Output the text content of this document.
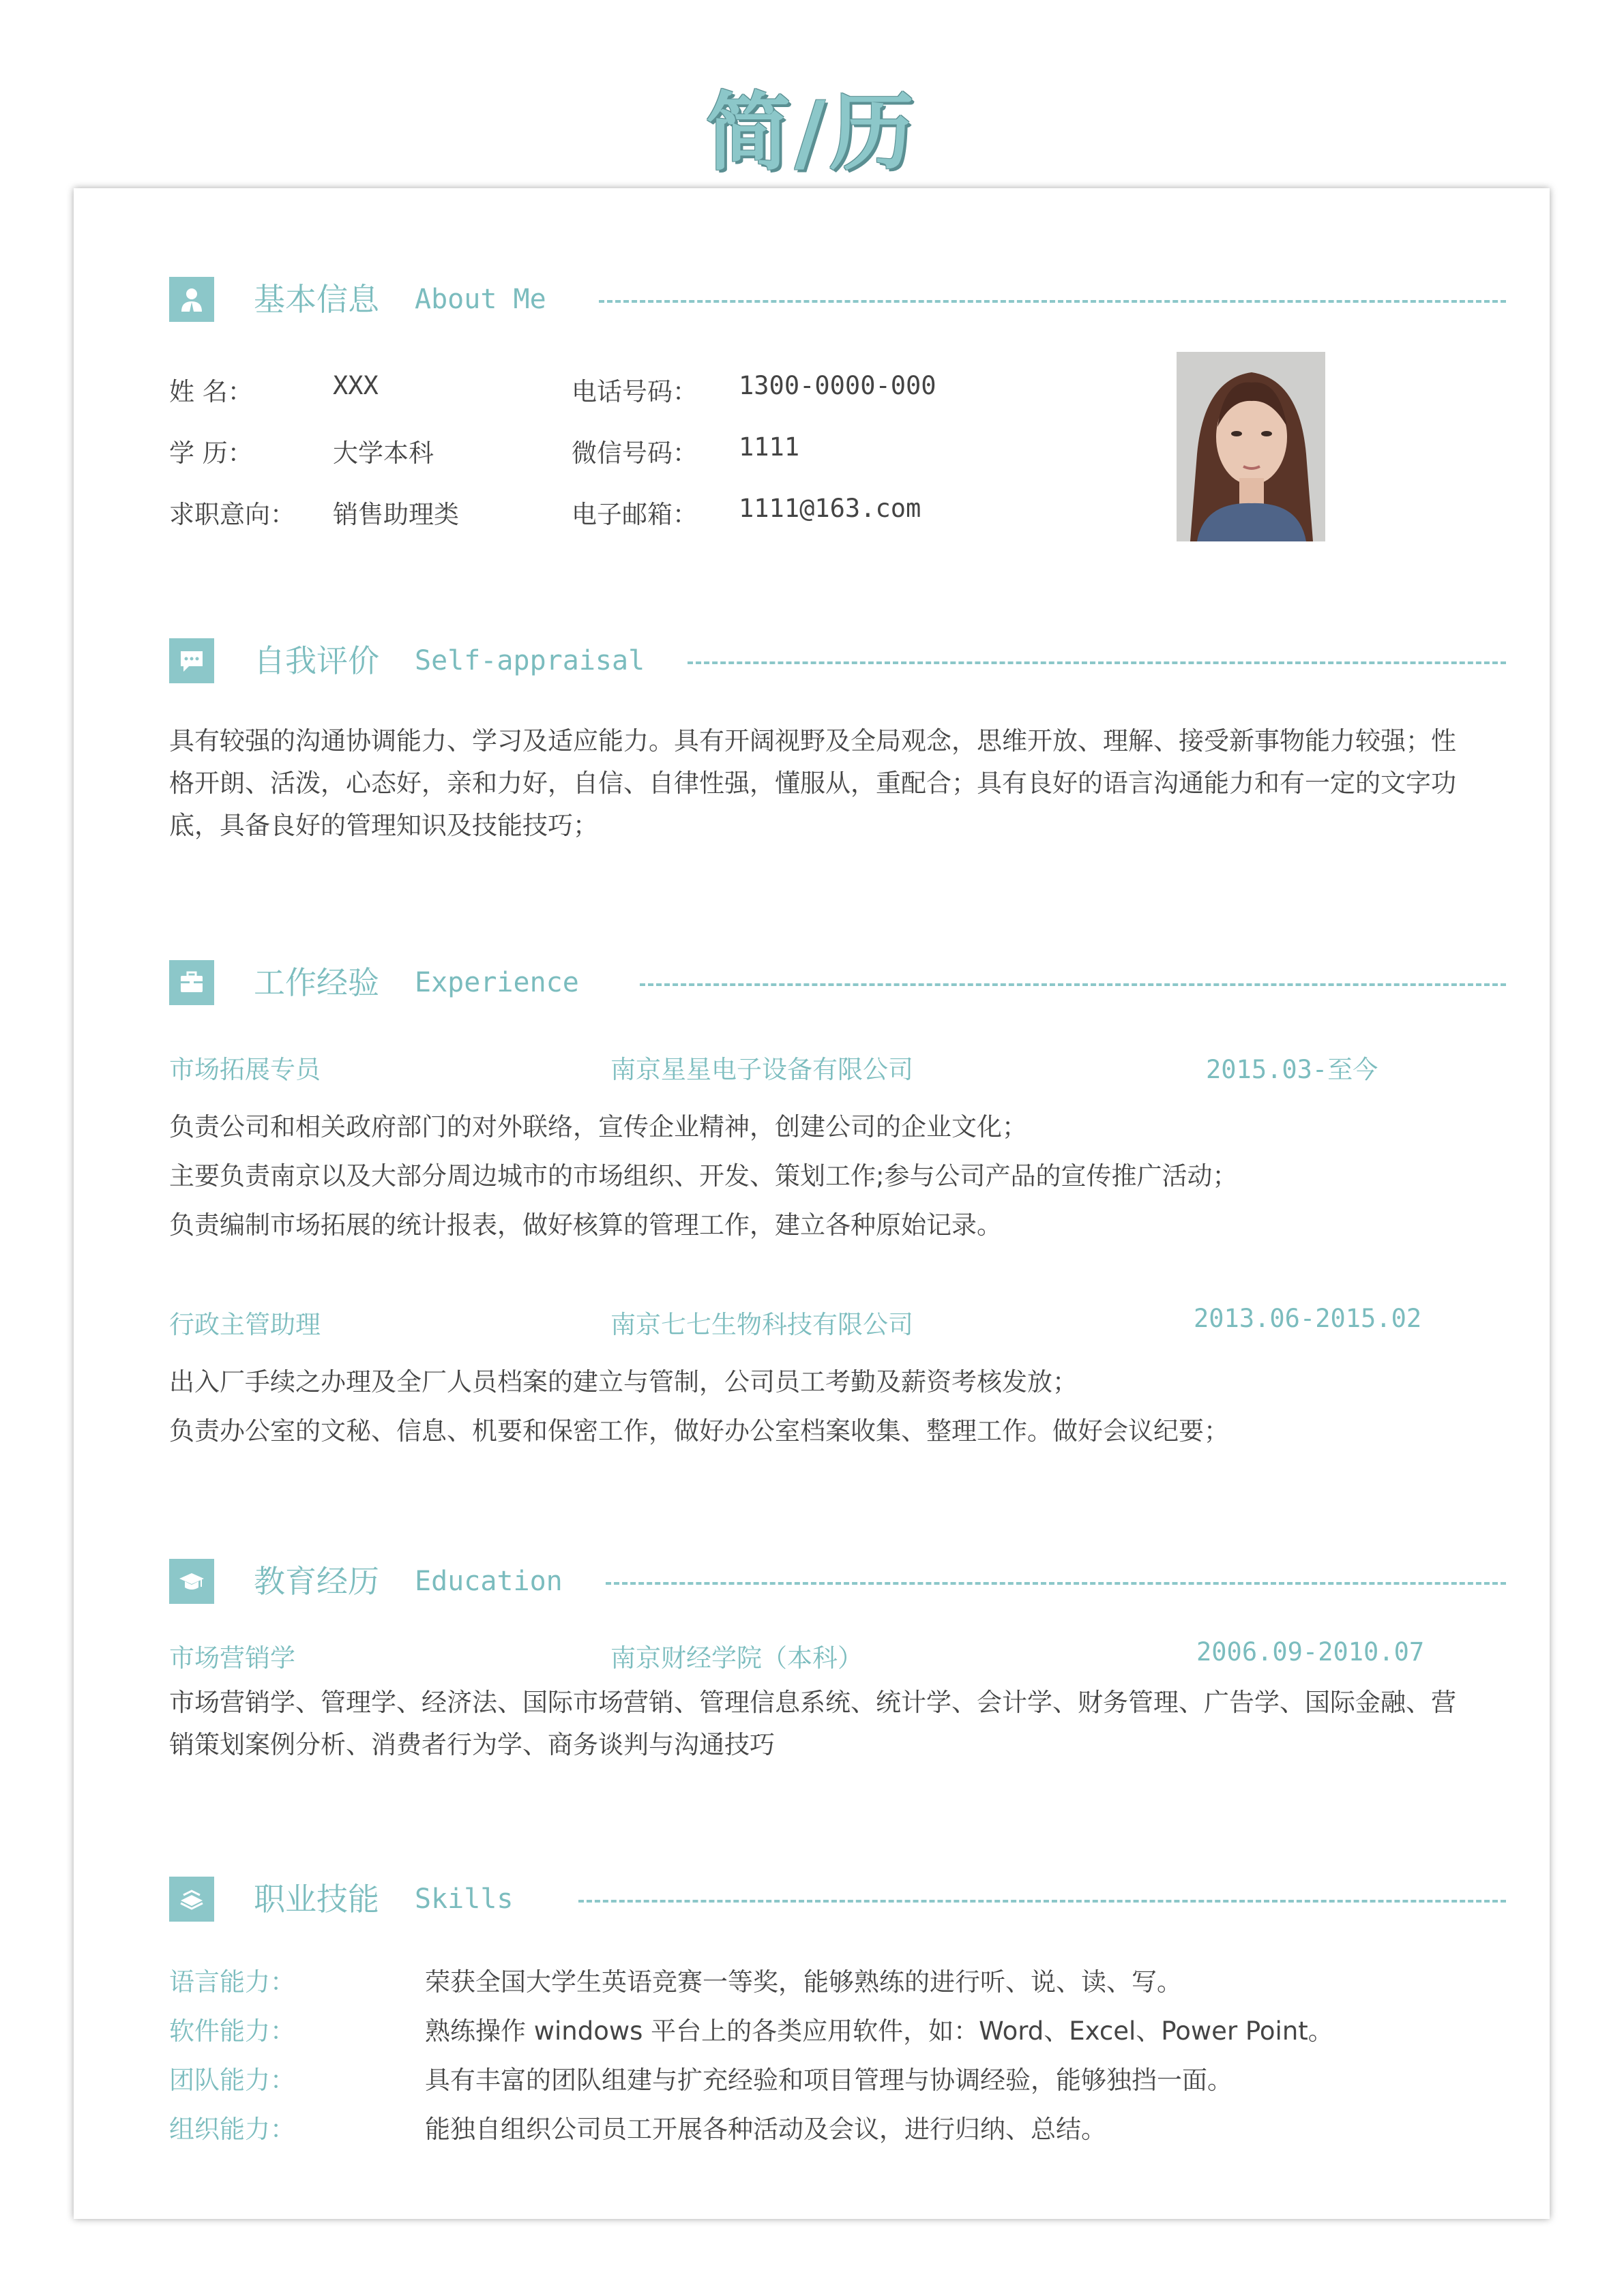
简/历
基本信息 About Me
姓 名：	XXX	电话号码： 1300-0000-000
学 历：	大学本科	微信号码： 1111
求职意向： 销售助理类	电子邮箱： 1111@163.com
自我评价 Self-appraisal
具有较强的沟通协调能力、学习及适应能力。具有开阔视野及全局观念，思维开放、理解、接受新事物能力较强；性格开朗、活泼，心态好，亲和力好，自信、自律性强，懂服从，重配合；具有良好的语言沟通能力和有一定的文字功底，具备良好的管理知识及技能技巧；
工作经验 Experience
市场拓展专员	南京星星电子设备有限公司	2015.03-至今
负责公司和相关政府部门的对外联络，宣传企业精神，创建公司的企业文化；
主要负责南京以及大部分周边城市的市场组织、开发、策划工作;参与公司产品的宣传推广活动；
负责编制市场拓展的统计报表，做好核算的管理工作，建立各种原始记录。
行政主管助理	南京七七生物科技有限公司	2013.06-2015.02
出入厂手续之办理及全厂人员档案的建立与管制，公司员工考勤及薪资考核发放；
负责办公室的文秘、信息、机要和保密工作，做好办公室档案收集、整理工作。做好会议纪要；
教育经历 Education
市场营销学	南京财经学院（本科）	2006.09-2010.07
市场营销学、管理学、经济法、国际市场营销、管理信息系统、统计学、会计学、财务管理、广告学、国际金融、营销策划案例分析、消费者行为学、商务谈判与沟通技巧
职业技能 Skills
语言能力：	荣获全国大学生英语竞赛一等奖，能够熟练的进行听、说、读、写。
软件能力：	熟练操作 windows 平台上的各类应用软件，如：Word、Excel、Power Point。
团队能力：	具有丰富的团队组建与扩充经验和项目管理与协调经验，能够独挡一面。
组织能力：	能独自组织公司员工开展各种活动及会议，进行归纳、总结。
